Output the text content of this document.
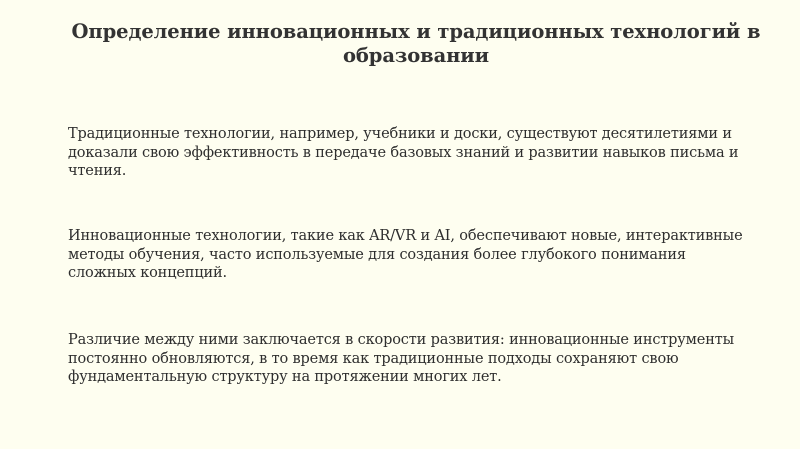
Определение инновационных и традиционных технологий в образовании

Традиционные технологии, например, учебники и доски, существуют десятилетиями и доказали свою эффективность в передаче базовых знаний и развитии навыков письма и чтения.

Инновационные технологии, такие как AR/VR и AI, обеспечивают новые, интерактивные методы обучения, часто используемые для создания более глубокого понимания сложных концепций.

Различие между ними заключается в скорости развития: инновационные инструменты постоянно обновляются, в то время как традиционные подходы сохраняют свою фундаментальную структуру на протяжении многих лет.
